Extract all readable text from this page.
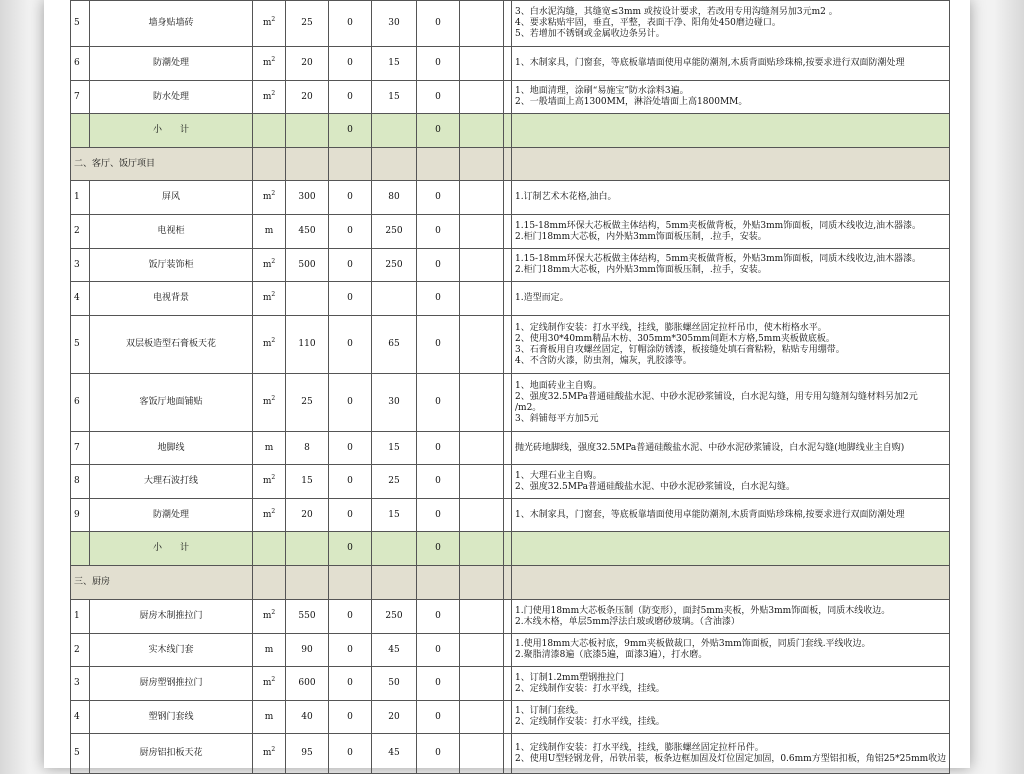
5	墙身贴墙砖	$m^2$	25	0	30	0			3、白水泥沟缝，其缝宽≤3mm 或按设计要求，若改用专用沟缝剂另加3元m2 。
4、要求粘贴牢固，垂直，平整，表面干净、阳角处450磨边碰口。
5、若增加不锈钢或金属收边条另计。

6	防潮处理	$m^2$	20	0	15	0			1、木制家具，门窗套，等底板靠墙面使用卓能防潮剂,木质背面贴珍珠棉,按要求进行双面防潮处理

7	防水处理	$m^2$	20	0	15	0			1、地面清理，涂刷“易施宝”防水涂料3遍。
2、一般墙面上高1300MM，淋浴处墙面上高1800MM。

	小　　计			0		0			
二、客厅、饭厅项目									
1	屏风	$m^2$	300	0	80	0			1.订制艺术木花格,油白。

2	电视柜	m	450	0	250	0			1.15-18mm环保大芯板做主体结构，5mm夹板做背板，外贴3mm饰面板，同质木线收边,油木器漆。
2.柜门18mm大芯板，内外贴3mm饰面板压制，.拉手，安装。

3	饭厅装饰柜	$m^2$	500	0	250	0			1.15-18mm环保大芯板做主体结构，5mm夹板做背板，外贴3mm饰面板，同质木线收边,油木器漆。
2.柜门18mm大芯板，内外贴3mm饰面板压制，.拉手，安装。

4	电视背景	$m^2$		0		0			1.造型而定。

5	双层板造型石膏板天花	$m^2$	110	0	65	0			1、定线制作安装：打水平线，挂线，膨胀螺丝固定拉杆吊巾，使木桁格水平。
2、使用30*40mm精品木枋、305mm*305mm间距木方格,5mm夹板做底板。
3、石膏板用自攻螺丝固定，钉帽涂防锈漆，板接缝处填石膏粘粉，粘贴专用绷带。
4、不含防火漆，防虫剂，煽灰，乳胶漆等。

6	客饭厅地面铺贴	$m^2$	25	0	30	0			1、地面砖业主自购。
2、强度32.5MPa普通硅酸盐水泥、中砂水泥砂浆铺设，白水泥勾缝，用专用勾缝剂勾缝材料另加2元
/m2。
3、斜铺每平方加5元

7	地脚线	m	8	0	15	0			抛光砖地脚线，强度32.5MPa普通硅酸盐水泥、中砂水泥砂浆铺设，白水泥勾缝(地脚线业主自购)

8	大理石波打线	$m^2$	15	0	25	0			1、大理石业主自购。
2、强度32.5MPa普通硅酸盐水泥、中砂水泥砂浆铺设，白水泥勾缝。

9	防潮处理	$m^2$	20	0	15	0			1、木制家具，门窗套，等底板靠墙面使用卓能防潮剂,木质背面贴珍珠棉,按要求进行双面防潮处理

	小　　计			0		0			
三、厨房									
1	厨房木制推拉门	$m^2$	550	0	250	0			1.门使用18mm大芯板条压制（防变形），面封5mm夹板，外贴3mm饰面板，同质木线收边。
2.木线木格，单层5mm浮法白玻或磨砂玻璃。（含油漆）

2	实木线门套	m	90	0	45	0			1.使用18mm大芯板衬底，9mm夹板做裁口，外贴3mm饰面板，同质门套线.平线收边。
2.聚脂清漆8遍（底漆5遍，面漆3遍），打水磨。

3	厨房塑钢推拉门	$m^2$	600	0	50	0			1、订制1.2mm塑钢推拉门
2、定线制作安装：打水平线，挂线。

4	塑钢门套线	m	40	0	20	0			1、订制门套线。
2、定线制作安装：打水平线，挂线。

5	厨房铝扣板天花	$m^2$	95	0	45	0			1、定线制作安装：打水平线，挂线，膨胀螺丝固定拉杆吊件。
2、使用U型轻钢龙骨，吊铁吊装，板条边框加固及灯位固定加固，0.6mm方型铝扣板，角铝25*25mm收边
